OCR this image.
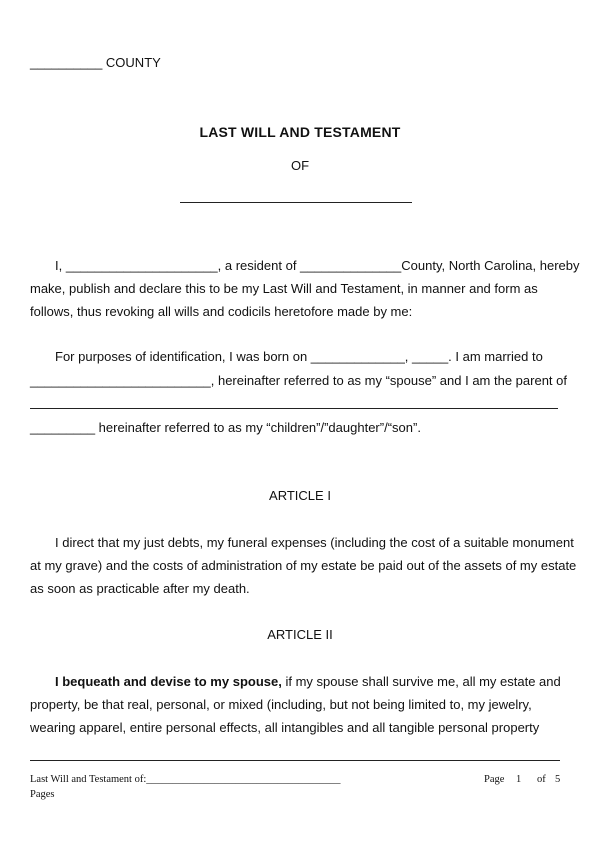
__________ COUNTY
LAST WILL AND TESTAMENT
OF
I, _____________________, a resident of ______________County, North Carolina, hereby
make, publish and declare this to be my Last Will and Testament, in manner and form as
follows, thus revoking all wills and codicils heretofore made by me:
For purposes of identification, I was born on _____________, _____. I am married to
_________________________, hereinafter referred to as my “spouse” and I am the parent of
_________ hereinafter referred to as my “children”/”daughter”/“son”.
ARTICLE I
I direct that my just debts, my funeral expenses (including the cost of a suitable monument
at my grave) and the costs of administration of my estate be paid out of the assets of my estate
as soon as practicable after my death.
ARTICLE II
I bequeath and devise to my spouse, if my spouse shall survive me, all my estate and
property, be that real, personal, or mixed (including, but not being limited to, my jewelry,
wearing apparel, entire personal effects, all intangibles and all tangible personal property
Last Will and Testament of:_____________________________________	Page 1 of 5
Pages
